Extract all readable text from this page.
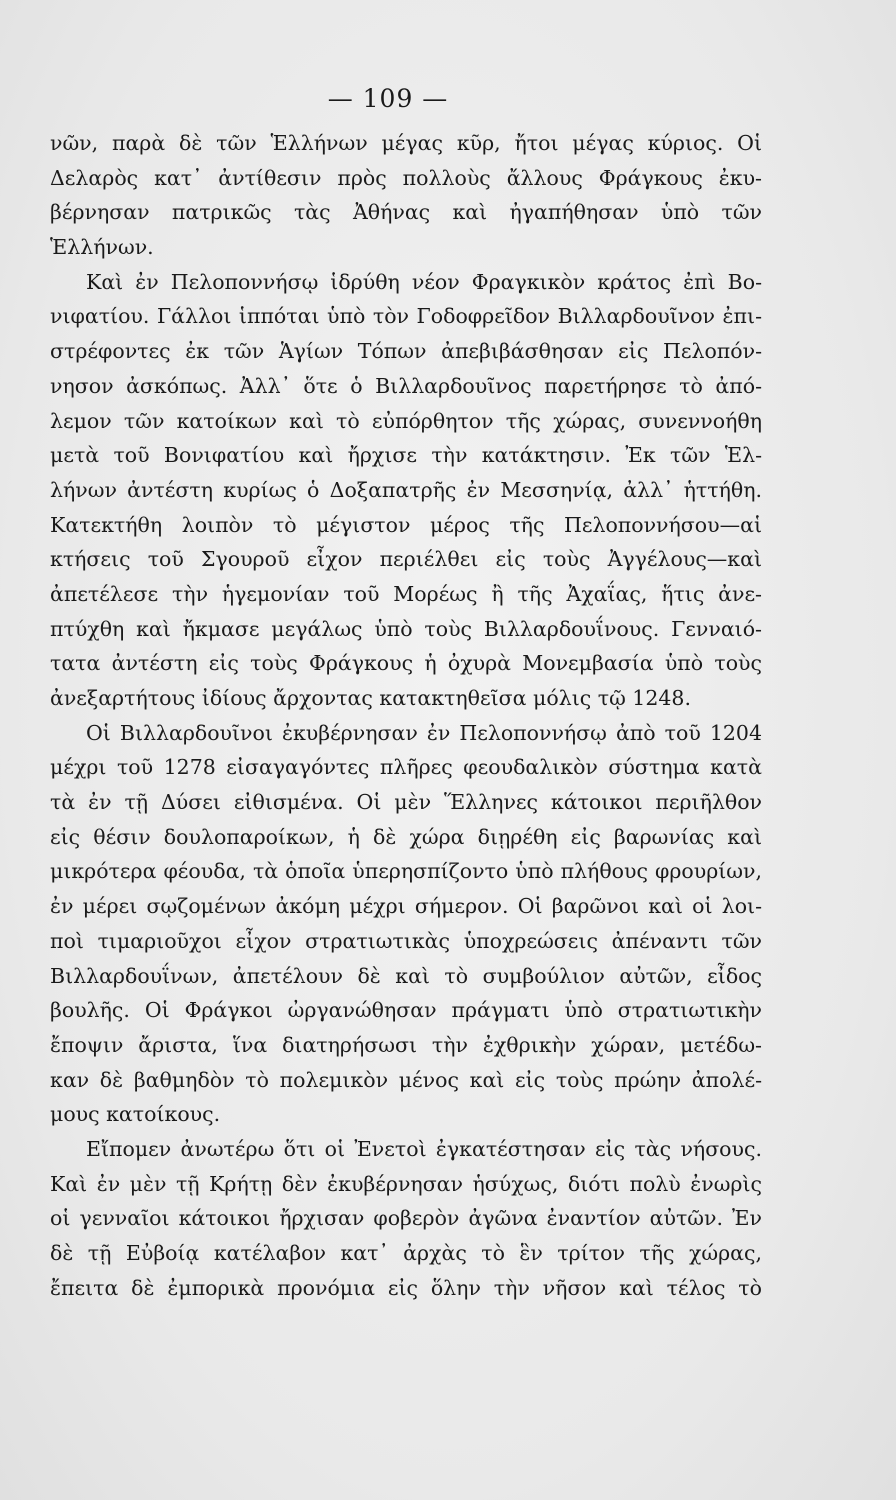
— 109 —
νῶν, παρὰ δὲ τῶν Ἑλλήνων μέγας κῦρ, ἤτοι μέγας κύριος. Οἱ
Δελαρὸς κατ᾽ ἀντίθεσιν πρὸς πολλοὺς ἄλλους Φράγκους ἐκυ-
βέρνησαν πατρικῶς τὰς Ἀθήνας καὶ ἠγαπήθησαν ὑπὸ τῶν
Ἑλλήνων.
Καὶ ἐν Πελοποννήσῳ ἱδρύθη νέον Φραγκικὸν κράτος ἐπὶ Βο-
νιφατίου. Γάλλοι ἱππόται ὑπὸ τὸν Γοδοφρεῖδον Βιλλαρδουῖνον ἐπι-
στρέφοντες ἐκ τῶν Ἁγίων Τόπων ἀπεβιβάσθησαν εἰς Πελοπόν-
νησον ἀσκόπως. Ἀλλ᾽ ὅτε ὁ Βιλλαρδουῖνος παρετήρησε τὸ ἀπό-
λεμον τῶν κατοίκων καὶ τὸ εὐπόρθητον τῆς χώρας, συνεννοήθη
μετὰ τοῦ Βονιφατίου καὶ ἤρχισε τὴν κατάκτησιν. Ἐκ τῶν Ἑλ-
λήνων ἀντέστη κυρίως ὁ Δοξαπατρῆς ἐν Μεσσηνίᾳ, ἀλλ᾽ ἡττήθη.
Κατεκτήθη λοιπὸν τὸ μέγιστον μέρος τῆς Πελοποννήσου—αἱ
κτήσεις τοῦ Σγουροῦ εἶχον περιέλθει εἰς τοὺς Ἀγγέλους—καὶ
ἀπετέλεσε τὴν ἡγεμονίαν τοῦ Μορέως ἢ τῆς Ἀχαΐας, ἥτις ἀνε-
πτύχθη καὶ ἤκμασε μεγάλως ὑπὸ τοὺς Βιλλαρδουΐνους. Γενναιό-
τατα ἀντέστη εἰς τοὺς Φράγκους ἡ ὀχυρὰ Μονεμβασία ὑπὸ τοὺς
ἀνεξαρτήτους ἰδίους ἄρχοντας κατακτηθεῖσα μόλις τῷ 1248.
Οἱ Βιλλαρδουῖνοι ἐκυβέρνησαν ἐν Πελοποννήσῳ ἀπὸ τοῦ 1204
μέχρι τοῦ 1278 εἰσαγαγόντες πλῆρες φεουδαλικὸν σύστημα κατὰ
τὰ ἐν τῇ Δύσει εἰθισμένα. Οἱ μὲν Ἕλληνες κάτοικοι περιῆλθον
εἰς θέσιν δουλοπαροίκων, ἡ δὲ χώρα διῃρέθη εἰς βαρωνίας καὶ
μικρότερα φέουδα, τὰ ὁποῖα ὑπερησπίζοντο ὑπὸ πλήθους φρουρίων,
ἐν μέρει σῳζομένων ἀκόμη μέχρι σήμερον. Οἱ βαρῶνοι καὶ οἱ λοι-
ποὶ τιμαριοῦχοι εἶχον στρατιωτικὰς ὑποχρεώσεις ἀπέναντι τῶν
Βιλλαρδουΐνων, ἀπετέλουν δὲ καὶ τὸ συμβούλιον αὐτῶν, εἶδος
βουλῆς. Οἱ Φράγκοι ὠργανώθησαν πράγματι ὑπὸ στρατιωτικὴν
ἔποψιν ἄριστα, ἵνα διατηρήσωσι τὴν ἐχθρικὴν χώραν, μετέδω-
καν δὲ βαθμηδὸν τὸ πολεμικὸν μένος καὶ εἰς τοὺς πρώην ἀπολέ-
μους κατοίκους.
Εἴπομεν ἀνωτέρω ὅτι οἱ Ἐνετοὶ ἐγκατέστησαν εἰς τὰς νήσους.
Καὶ ἐν μὲν τῇ Κρήτῃ δὲν ἐκυβέρνησαν ἡσύχως, διότι πολὺ ἐνωρὶς
οἱ γενναῖοι κάτοικοι ἤρχισαν φοβερὸν ἀγῶνα ἐναντίον αὐτῶν. Ἐν
δὲ τῇ Εὐβοίᾳ κατέλαβον κατ᾽ ἀρχὰς τὸ ἓν τρίτον τῆς χώρας,
ἔπειτα δὲ ἐμπορικὰ προνόμια εἰς ὅλην τὴν νῆσον καὶ τέλος τὸ
